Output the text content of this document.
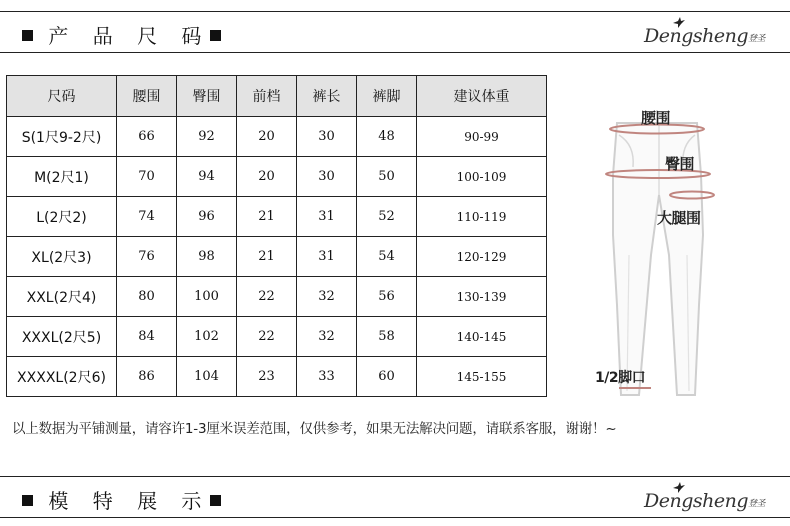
产 品 尺 码	Dengsheng登圣
尺码	腰围	臀围	前档	裤长	裤脚	建议体重
S(1尺9-2尺)	66	92	20	30	48	90-99
M(2尺1)	70	94	20	30	50	100-109
L(2尺2)	74	96	21	31	52	110-119
XL(2尺3)	76	98	21	31	54	120-129
XXL(2尺4)	80	100	22	32	56	130-139
XXXL(2尺5)	84	102	22	32	58	140-145
XXXXL(2尺6)	86	104	23	33	60	145-155
腰围
臀围
大腿围
1/2脚口
以上数据为平铺测量，请容许1-3厘米误差范围，仅供参考，如果无法解决问题，请联系客服，谢谢！~
模 特 展 示	Dengsheng登圣
